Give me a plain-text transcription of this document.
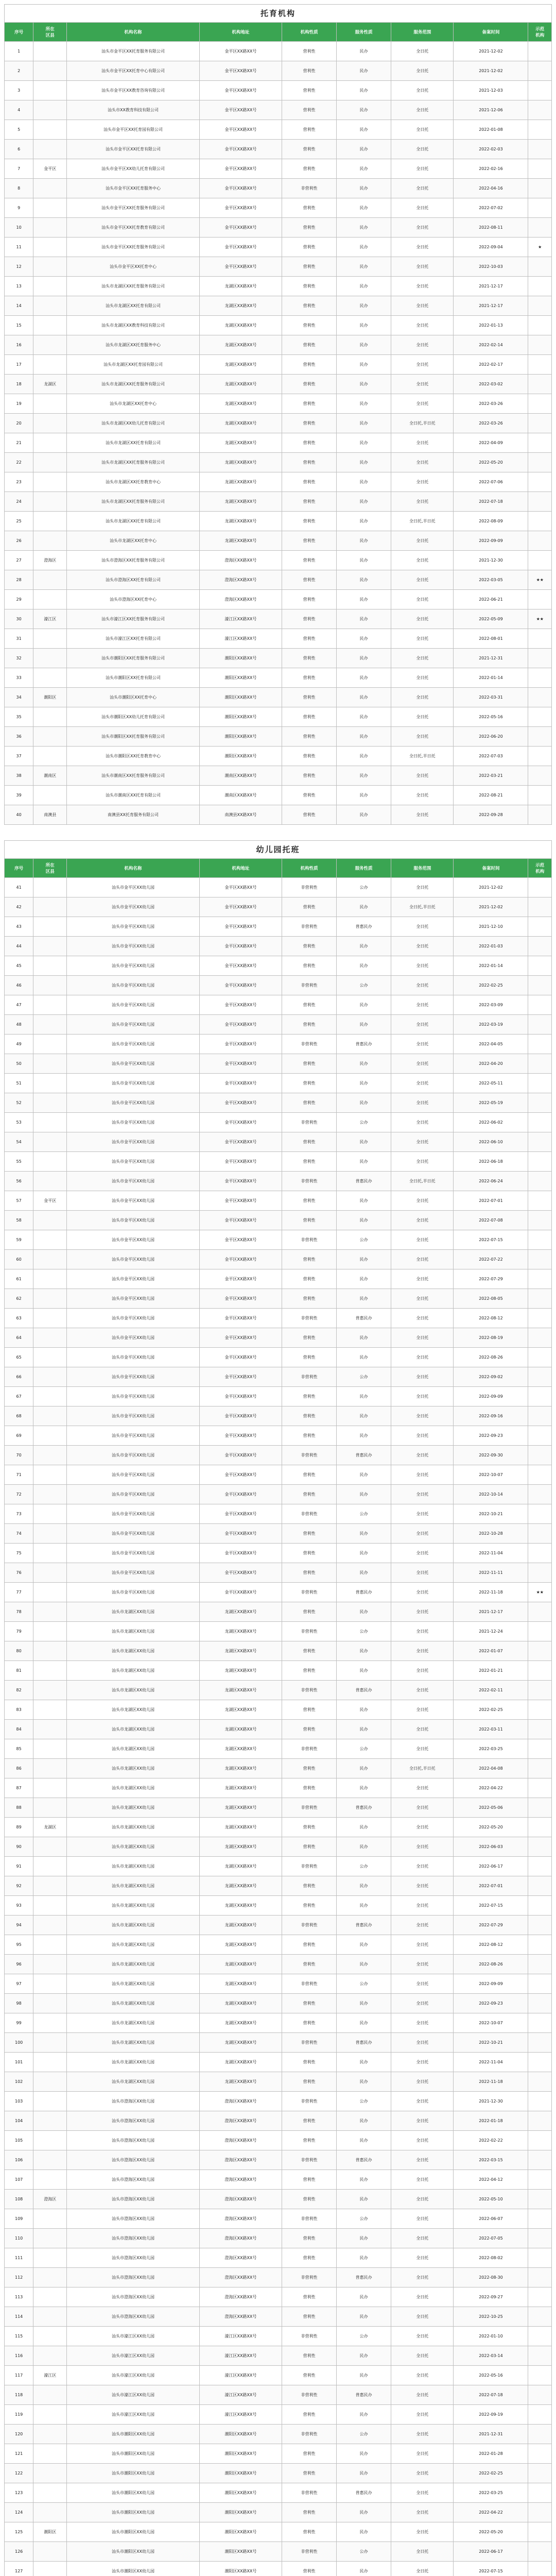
托育机构
序号	所在
区县	机构名称	机构地址	机构性质	服务性质	服务范围	备案时间	示范
机构
1		汕头市金平区XX托育服务有限公司	金平区XX路XX号	营利性	民办	全日托	2021-12-02	
2		汕头市金平区XX托育中心有限公司	金平区XX路XX号	营利性	民办	全日托	2021-12-02	
3		汕头市金平区XX教育咨询有限公司	金平区XX路XX号	营利性	民办	全日托	2021-12-03	
4		汕头市XX教育科技有限公司	金平区XX路XX号	营利性	民办	全日托	2021-12-06	
5		汕头市金平区XX托育园有限公司	金平区XX路XX号	营利性	民办	全日托	2022-01-08	
6		汕头市金平区XX托育有限公司	金平区XX路XX号	营利性	民办	全日托	2022-02-03	
7	金平区	汕头市金平区XX幼儿托育有限公司	金平区XX路XX号	营利性	民办	全日托	2022-02-16	
8		汕头市金平区XX托育服务中心	金平区XX路XX号	非营利性	民办	全日托	2022-04-16	
9		汕头市金平区XX托育服务有限公司	金平区XX路XX号	营利性	民办	全日托	2022-07-02	
10		汕头市金平区XX托育教育有限公司	金平区XX路XX号	营利性	民办	全日托	2022-08-11	
11		汕头市金平区XX托育服务有限公司	金平区XX路XX号	营利性	民办	全日托	2022-09-04	★
12		汕头市金平区XX托育中心	金平区XX路XX号	营利性	民办	全日托	2022-10-03	
13		汕头市龙湖区XX托育服务有限公司	龙湖区XX路XX号	营利性	民办	全日托	2021-12-17	
14		汕头市龙湖区XX托育有限公司	龙湖区XX路XX号	营利性	民办	全日托	2021-12-17	
15		汕头市龙湖区XX教育科技有限公司	龙湖区XX路XX号	营利性	民办	全日托	2022-01-13	
16		汕头市龙湖区XX托育服务中心	龙湖区XX路XX号	营利性	民办	全日托	2022-02-14	
17		汕头市龙湖区XX托育园有限公司	龙湖区XX路XX号	营利性	民办	全日托	2022-02-17	
18	龙湖区	汕头市龙湖区XX托育服务有限公司	龙湖区XX路XX号	营利性	民办	全日托	2022-03-02	
19		汕头市龙湖区XX托育中心	龙湖区XX路XX号	营利性	民办	全日托	2022-03-26	
20		汕头市龙湖区XX幼儿托育有限公司	龙湖区XX路XX号	营利性	民办	全日托,半日托	2022-03-26	
21		汕头市龙湖区XX托育有限公司	龙湖区XX路XX号	营利性	民办	全日托	2022-04-09	
22		汕头市龙湖区XX托育服务有限公司	龙湖区XX路XX号	营利性	民办	全日托	2022-05-20	
23		汕头市龙湖区XX托育教育中心	龙湖区XX路XX号	营利性	民办	全日托	2022-07-06	
24		汕头市龙湖区XX托育服务有限公司	龙湖区XX路XX号	营利性	民办	全日托	2022-07-18	
25		汕头市龙湖区XX托育有限公司	龙湖区XX路XX号	营利性	民办	全日托,半日托	2022-08-09	
26		汕头市龙湖区XX托育中心	龙湖区XX路XX号	营利性	民办	全日托	2022-09-09	
27	澄海区	汕头市澄海区XX托育服务有限公司	澄海区XX路XX号	营利性	民办	全日托	2021-12-30	
28		汕头市澄海区XX托育有限公司	澄海区XX路XX号	营利性	民办	全日托	2022-03-05	★★
29		汕头市澄海区XX托育中心	澄海区XX路XX号	营利性	民办	全日托	2022-06-21	
30	濠江区	汕头市濠江区XX托育服务有限公司	濠江区XX路XX号	营利性	民办	全日托	2022-05-09	★★
31		汕头市濠江区XX托育有限公司	濠江区XX路XX号	营利性	民办	全日托	2022-08-01	
32		汕头市潮阳区XX托育服务有限公司	潮阳区XX路XX号	营利性	民办	全日托	2021-12-31	
33		汕头市潮阳区XX托育有限公司	潮阳区XX路XX号	营利性	民办	全日托	2022-01-14	
34	潮阳区	汕头市潮阳区XX托育中心	潮阳区XX路XX号	营利性	民办	全日托	2022-03-31	
35		汕头市潮阳区XX幼儿托育有限公司	潮阳区XX路XX号	营利性	民办	全日托	2022-05-16	
36		汕头市潮阳区XX托育服务有限公司	潮阳区XX路XX号	营利性	民办	全日托	2022-06-20	
37		汕头市潮阳区XX托育教育中心	潮阳区XX路XX号	营利性	民办	全日托,半日托	2022-07-03	
38	潮南区	汕头市潮南区XX托育服务有限公司	潮南区XX路XX号	营利性	民办	全日托	2022-03-21	
39		汕头市潮南区XX托育有限公司	潮南区XX路XX号	营利性	民办	全日托	2022-08-21	
40	南澳县	南澳县XX托育服务有限公司	南澳县XX路XX号	营利性	民办	全日托	2022-09-28	
幼儿园托班
序号	所在
区县	机构名称	机构地址	机构性质	服务性质	服务范围	备案时间	示范
机构
41		汕头市金平区XX幼儿园	金平区XX路XX号	非营利性	公办	全日托	2021-12-02	
42		汕头市金平区XX幼儿园	金平区XX路XX号	营利性	民办	全日托,半日托	2021-12-02	
43		汕头市金平区XX幼儿园	金平区XX路XX号	非营利性	普惠民办	全日托	2021-12-10	
44		汕头市金平区XX幼儿园	金平区XX路XX号	营利性	民办	全日托	2022-01-03	
45		汕头市金平区XX幼儿园	金平区XX路XX号	营利性	民办	全日托	2022-01-14	
46		汕头市金平区XX幼儿园	金平区XX路XX号	非营利性	公办	全日托	2022-02-25	
47		汕头市金平区XX幼儿园	金平区XX路XX号	营利性	民办	全日托	2022-03-09	
48		汕头市金平区XX幼儿园	金平区XX路XX号	营利性	民办	全日托	2022-03-19	
49		汕头市金平区XX幼儿园	金平区XX路XX号	非营利性	普惠民办	全日托	2022-04-05	
50		汕头市金平区XX幼儿园	金平区XX路XX号	营利性	民办	全日托	2022-04-20	
51		汕头市金平区XX幼儿园	金平区XX路XX号	营利性	民办	全日托	2022-05-11	
52		汕头市金平区XX幼儿园	金平区XX路XX号	营利性	民办	全日托	2022-05-19	
53		汕头市金平区XX幼儿园	金平区XX路XX号	非营利性	公办	全日托	2022-06-02	
54		汕头市金平区XX幼儿园	金平区XX路XX号	营利性	民办	全日托	2022-06-10	
55		汕头市金平区XX幼儿园	金平区XX路XX号	营利性	民办	全日托	2022-06-18	
56		汕头市金平区XX幼儿园	金平区XX路XX号	非营利性	普惠民办	全日托,半日托	2022-06-24	
57	金平区	汕头市金平区XX幼儿园	金平区XX路XX号	营利性	民办	全日托	2022-07-01	
58		汕头市金平区XX幼儿园	金平区XX路XX号	营利性	民办	全日托	2022-07-08	
59		汕头市金平区XX幼儿园	金平区XX路XX号	非营利性	公办	全日托	2022-07-15	
60		汕头市金平区XX幼儿园	金平区XX路XX号	营利性	民办	全日托	2022-07-22	
61		汕头市金平区XX幼儿园	金平区XX路XX号	营利性	民办	全日托	2022-07-29	
62		汕头市金平区XX幼儿园	金平区XX路XX号	营利性	民办	全日托	2022-08-05	
63		汕头市金平区XX幼儿园	金平区XX路XX号	非营利性	普惠民办	全日托	2022-08-12	
64		汕头市金平区XX幼儿园	金平区XX路XX号	营利性	民办	全日托	2022-08-19	
65		汕头市金平区XX幼儿园	金平区XX路XX号	营利性	民办	全日托	2022-08-26	
66		汕头市金平区XX幼儿园	金平区XX路XX号	非营利性	公办	全日托	2022-09-02	
67		汕头市金平区XX幼儿园	金平区XX路XX号	营利性	民办	全日托	2022-09-09	
68		汕头市金平区XX幼儿园	金平区XX路XX号	营利性	民办	全日托	2022-09-16	
69		汕头市金平区XX幼儿园	金平区XX路XX号	营利性	民办	全日托	2022-09-23	
70		汕头市金平区XX幼儿园	金平区XX路XX号	非营利性	普惠民办	全日托	2022-09-30	
71		汕头市金平区XX幼儿园	金平区XX路XX号	营利性	民办	全日托	2022-10-07	
72		汕头市金平区XX幼儿园	金平区XX路XX号	营利性	民办	全日托	2022-10-14	
73		汕头市金平区XX幼儿园	金平区XX路XX号	非营利性	公办	全日托	2022-10-21	
74		汕头市金平区XX幼儿园	金平区XX路XX号	营利性	民办	全日托	2022-10-28	
75		汕头市金平区XX幼儿园	金平区XX路XX号	营利性	民办	全日托	2022-11-04	
76		汕头市金平区XX幼儿园	金平区XX路XX号	营利性	民办	全日托	2022-11-11	
77		汕头市金平区XX幼儿园	金平区XX路XX号	非营利性	普惠民办	全日托	2022-11-18	★★
78		汕头市龙湖区XX幼儿园	龙湖区XX路XX号	营利性	民办	全日托	2021-12-17	
79		汕头市龙湖区XX幼儿园	龙湖区XX路XX号	非营利性	公办	全日托	2021-12-24	
80		汕头市龙湖区XX幼儿园	龙湖区XX路XX号	营利性	民办	全日托	2022-01-07	
81		汕头市龙湖区XX幼儿园	龙湖区XX路XX号	营利性	民办	全日托	2022-01-21	
82		汕头市龙湖区XX幼儿园	龙湖区XX路XX号	非营利性	普惠民办	全日托	2022-02-11	
83		汕头市龙湖区XX幼儿园	龙湖区XX路XX号	营利性	民办	全日托	2022-02-25	
84		汕头市龙湖区XX幼儿园	龙湖区XX路XX号	营利性	民办	全日托	2022-03-11	
85		汕头市龙湖区XX幼儿园	龙湖区XX路XX号	非营利性	公办	全日托	2022-03-25	
86		汕头市龙湖区XX幼儿园	龙湖区XX路XX号	营利性	民办	全日托,半日托	2022-04-08	
87		汕头市龙湖区XX幼儿园	龙湖区XX路XX号	营利性	民办	全日托	2022-04-22	
88		汕头市龙湖区XX幼儿园	龙湖区XX路XX号	非营利性	普惠民办	全日托	2022-05-06	
89	龙湖区	汕头市龙湖区XX幼儿园	龙湖区XX路XX号	营利性	民办	全日托	2022-05-20	
90		汕头市龙湖区XX幼儿园	龙湖区XX路XX号	营利性	民办	全日托	2022-06-03	
91		汕头市龙湖区XX幼儿园	龙湖区XX路XX号	非营利性	公办	全日托	2022-06-17	
92		汕头市龙湖区XX幼儿园	龙湖区XX路XX号	营利性	民办	全日托	2022-07-01	
93		汕头市龙湖区XX幼儿园	龙湖区XX路XX号	营利性	民办	全日托	2022-07-15	
94		汕头市龙湖区XX幼儿园	龙湖区XX路XX号	非营利性	普惠民办	全日托	2022-07-29	
95		汕头市龙湖区XX幼儿园	龙湖区XX路XX号	营利性	民办	全日托	2022-08-12	
96		汕头市龙湖区XX幼儿园	龙湖区XX路XX号	营利性	民办	全日托	2022-08-26	
97		汕头市龙湖区XX幼儿园	龙湖区XX路XX号	非营利性	公办	全日托	2022-09-09	
98		汕头市龙湖区XX幼儿园	龙湖区XX路XX号	营利性	民办	全日托	2022-09-23	
99		汕头市龙湖区XX幼儿园	龙湖区XX路XX号	营利性	民办	全日托	2022-10-07	
100		汕头市龙湖区XX幼儿园	龙湖区XX路XX号	非营利性	普惠民办	全日托	2022-10-21	
101		汕头市龙湖区XX幼儿园	龙湖区XX路XX号	营利性	民办	全日托	2022-11-04	
102		汕头市龙湖区XX幼儿园	龙湖区XX路XX号	营利性	民办	全日托	2022-11-18	
103		汕头市澄海区XX幼儿园	澄海区XX路XX号	非营利性	公办	全日托	2021-12-30	
104		汕头市澄海区XX幼儿园	澄海区XX路XX号	营利性	民办	全日托	2022-01-18	
105		汕头市澄海区XX幼儿园	澄海区XX路XX号	营利性	民办	全日托	2022-02-22	
106		汕头市澄海区XX幼儿园	澄海区XX路XX号	非营利性	普惠民办	全日托	2022-03-15	
107		汕头市澄海区XX幼儿园	澄海区XX路XX号	营利性	民办	全日托	2022-04-12	
108	澄海区	汕头市澄海区XX幼儿园	澄海区XX路XX号	营利性	民办	全日托	2022-05-10	
109		汕头市澄海区XX幼儿园	澄海区XX路XX号	非营利性	公办	全日托	2022-06-07	
110		汕头市澄海区XX幼儿园	澄海区XX路XX号	营利性	民办	全日托	2022-07-05	
111		汕头市澄海区XX幼儿园	澄海区XX路XX号	营利性	民办	全日托	2022-08-02	
112		汕头市澄海区XX幼儿园	澄海区XX路XX号	非营利性	普惠民办	全日托	2022-08-30	
113		汕头市澄海区XX幼儿园	澄海区XX路XX号	营利性	民办	全日托	2022-09-27	
114		汕头市澄海区XX幼儿园	澄海区XX路XX号	营利性	民办	全日托	2022-10-25	
115		汕头市濠江区XX幼儿园	濠江区XX路XX号	非营利性	公办	全日托	2022-01-10	
116		汕头市濠江区XX幼儿园	濠江区XX路XX号	营利性	民办	全日托	2022-03-14	
117	濠江区	汕头市濠江区XX幼儿园	濠江区XX路XX号	营利性	民办	全日托	2022-05-16	
118		汕头市濠江区XX幼儿园	濠江区XX路XX号	非营利性	普惠民办	全日托	2022-07-18	
119		汕头市濠江区XX幼儿园	濠江区XX路XX号	营利性	民办	全日托	2022-09-19	
120		汕头市潮阳区XX幼儿园	潮阳区XX路XX号	非营利性	公办	全日托	2021-12-31	
121		汕头市潮阳区XX幼儿园	潮阳区XX路XX号	营利性	民办	全日托	2022-01-28	
122		汕头市潮阳区XX幼儿园	潮阳区XX路XX号	营利性	民办	全日托	2022-02-25	
123		汕头市潮阳区XX幼儿园	潮阳区XX路XX号	非营利性	普惠民办	全日托	2022-03-25	
124		汕头市潮阳区XX幼儿园	潮阳区XX路XX号	营利性	民办	全日托	2022-04-22	
125	潮阳区	汕头市潮阳区XX幼儿园	潮阳区XX路XX号	营利性	民办	全日托	2022-05-20	
126		汕头市潮阳区XX幼儿园	潮阳区XX路XX号	非营利性	公办	全日托	2022-06-17	
127		汕头市潮阳区XX幼儿园	潮阳区XX路XX号	营利性	民办	全日托	2022-07-15	
